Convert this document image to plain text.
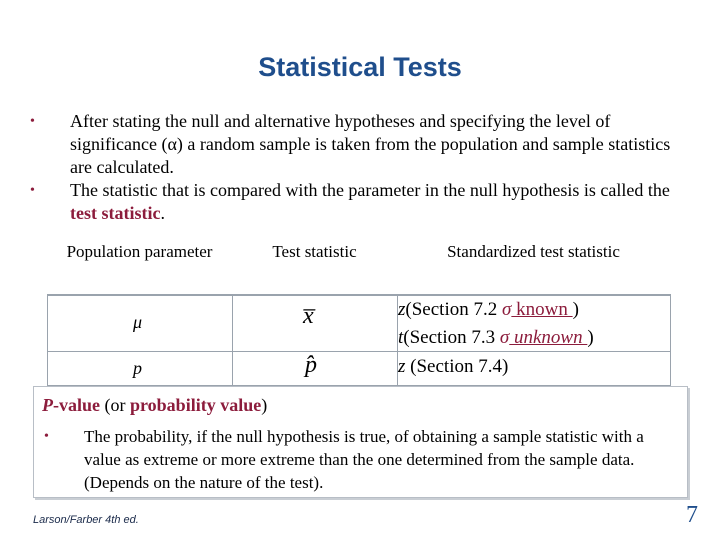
Statistical Tests
• After stating the null and alternative hypotheses and specifying the level of significance (α) a random sample is taken from the population and sample statistics are calculated.
• The statistic that is compared with the parameter in the null hypothesis is called the test statistic.
Population parameter	Test statistic	Standardized test statistic
μ	x̅	z(Section 7.2 σ known )
t(Section 7.3 σ unknown )
p	p̂	z (Section 7.4)
P-value (or probability value)
• The probability, if the null hypothesis is true, of obtaining a sample statistic with a value as extreme or more extreme than the one determined from the sample data. (Depends on the nature of the test).
Larson/Farber 4th ed.	7
